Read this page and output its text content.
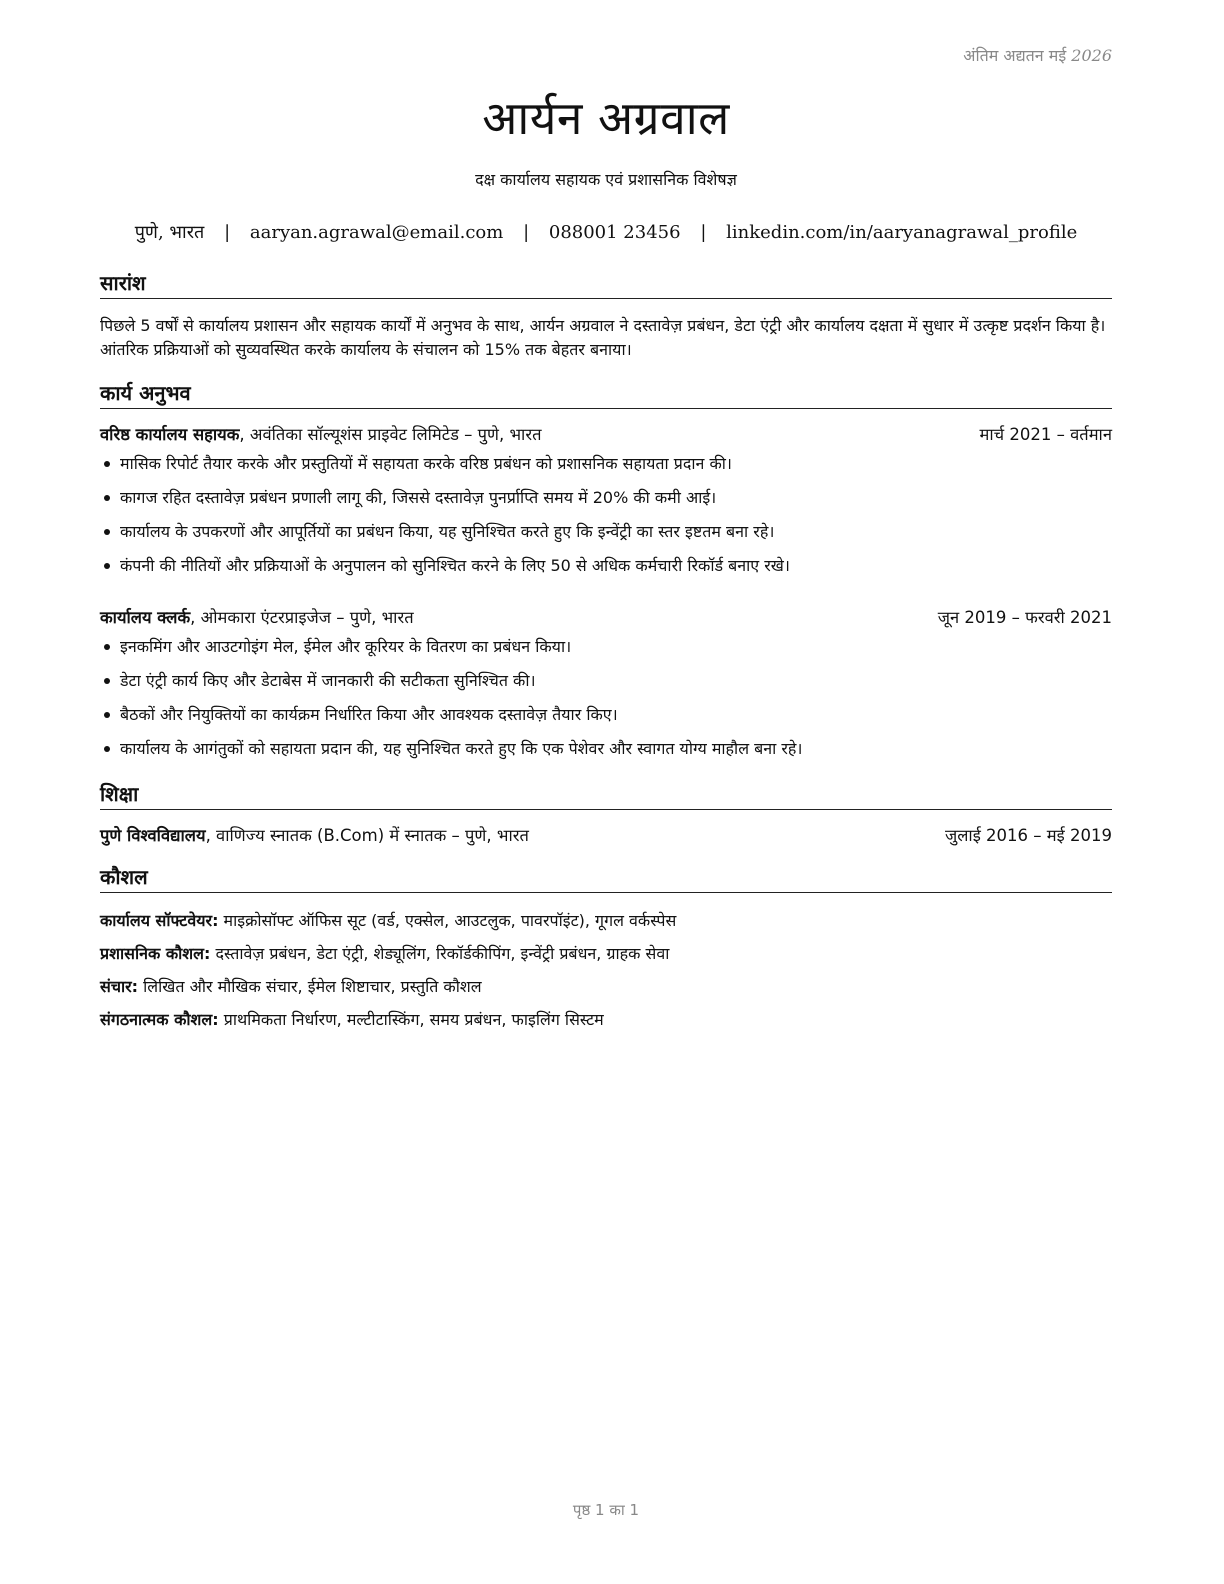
अंतिम अद्यतन मई 2026
आर्यन अग्रवाल
दक्ष कार्यालय सहायक एवं प्रशासनिक विशेषज्ञ
पुणे, भारत | aaryan.agrawal@email.com | 088001 23456 | linkedin.com/in/aaryanagrawal_profile
सारांश
पिछले 5 वर्षों से कार्यालय प्रशासन और सहायक कार्यों में अनुभव के साथ, आर्यन अग्रवाल ने दस्तावेज़ प्रबंधन, डेटा एंट्री और कार्यालय दक्षता में सुधार में उत्कृष्ट प्रदर्शन किया है। आंतरिक प्रक्रियाओं को सुव्यवस्थित करके कार्यालय के संचालन को 15% तक बेहतर बनाया।
कार्य अनुभव
वरिष्ठ कार्यालय सहायक, अवंतिका सॉल्यूशंस प्राइवेट लिमिटेड – पुणे, भारत	मार्च 2021 – वर्तमान
मासिक रिपोर्ट तैयार करके और प्रस्तुतियों में सहायता करके वरिष्ठ प्रबंधन को प्रशासनिक सहायता प्रदान की।
कागज रहित दस्तावेज़ प्रबंधन प्रणाली लागू की, जिससे दस्तावेज़ पुनर्प्राप्ति समय में 20% की कमी आई।
कार्यालय के उपकरणों और आपूर्तियों का प्रबंधन किया, यह सुनिश्चित करते हुए कि इन्वेंट्री का स्तर इष्टतम बना रहे।
कंपनी की नीतियों और प्रक्रियाओं के अनुपालन को सुनिश्चित करने के लिए 50 से अधिक कर्मचारी रिकॉर्ड बनाए रखे।
कार्यालय क्लर्क, ओमकारा एंटरप्राइजेज – पुणे, भारत	जून 2019 – फरवरी 2021
इनकमिंग और आउटगोइंग मेल, ईमेल और कूरियर के वितरण का प्रबंधन किया।
डेटा एंट्री कार्य किए और डेटाबेस में जानकारी की सटीकता सुनिश्चित की।
बैठकों और नियुक्तियों का कार्यक्रम निर्धारित किया और आवश्यक दस्तावेज़ तैयार किए।
कार्यालय के आगंतुकों को सहायता प्रदान की, यह सुनिश्चित करते हुए कि एक पेशेवर और स्वागत योग्य माहौल बना रहे।
शिक्षा
पुणे विश्वविद्यालय, वाणिज्य स्नातक (B.Com) में स्नातक – पुणे, भारत	जुलाई 2016 – मई 2019
कौशल
कार्यालय सॉफ्टवेयर: माइक्रोसॉफ्ट ऑफिस सूट (वर्ड, एक्सेल, आउटलुक, पावरपॉइंट), गूगल वर्कस्पेस
प्रशासनिक कौशल: दस्तावेज़ प्रबंधन, डेटा एंट्री, शेड्यूलिंग, रिकॉर्डकीपिंग, इन्वेंट्री प्रबंधन, ग्राहक सेवा
संचार: लिखित और मौखिक संचार, ईमेल शिष्टाचार, प्रस्तुति कौशल
संगठनात्मक कौशल: प्राथमिकता निर्धारण, मल्टीटास्किंग, समय प्रबंधन, फाइलिंग सिस्टम
पृष्ठ 1 का 1
